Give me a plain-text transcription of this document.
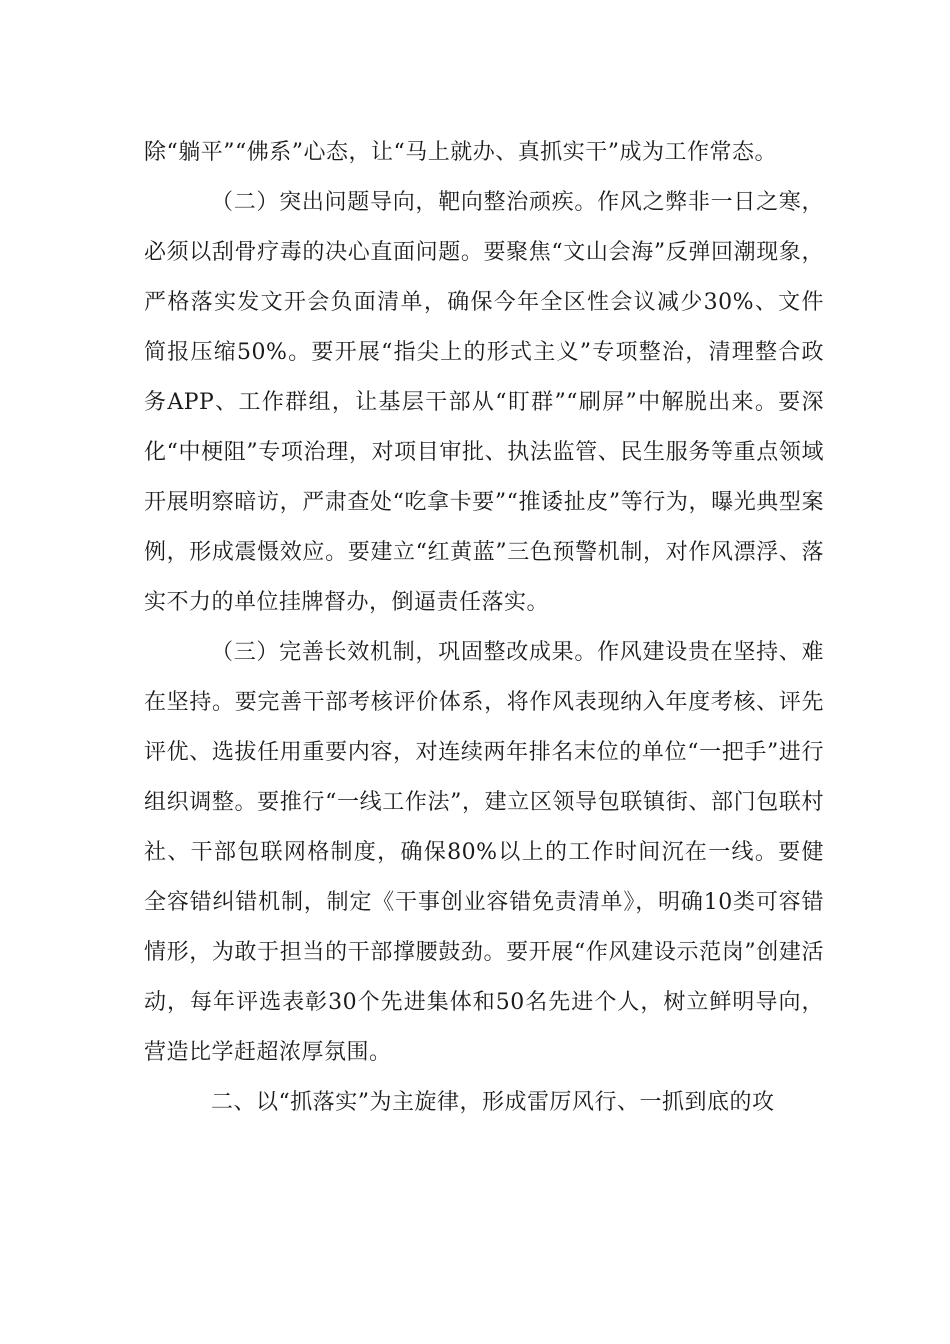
除“躺平”“佛系”心态，让“马上就办、真抓实干”成为工作常态。

（二）突出问题导向，靶向整治顽疾。作风之弊非一日之寒，必须以刮骨疗毒的决心直面问题。要聚焦“文山会海”反弹回潮现象，严格落实发文开会负面清单，确保今年全区性会议减少30%、文件简报压缩50%。要开展“指尖上的形式主义”专项整治，清理整合政务APP、工作群组，让基层干部从“盯群”“刷屏”中解脱出来。要深化“中梗阻”专项治理，对项目审批、执法监管、民生服务等重点领域开展明察暗访，严肃查处“吃拿卡要”“推诿扯皮”等行为，曝光典型案例，形成震慑效应。要建立“红黄蓝”三色预警机制，对作风漂浮、落实不力的单位挂牌督办，倒逼责任落实。

（三）完善长效机制，巩固整改成果。作风建设贵在坚持、难在坚持。要完善干部考核评价体系，将作风表现纳入年度考核、评先评优、选拔任用重要内容，对连续两年排名末位的单位“一把手”进行组织调整。要推行“一线工作法”，建立区领导包联镇街、部门包联村社、干部包联网格制度，确保80%以上的工作时间沉在一线。要健全容错纠错机制，制定《干事创业容错免责清单》，明确10类可容错情形，为敢于担当的干部撑腰鼓劲。要开展“作风建设示范岗”创建活动，每年评选表彰30个先进集体和50名先进个人，树立鲜明导向，营造比学赶超浓厚氛围。

二、以“抓落实”为主旋律，形成雷厉风行、一抓到底的攻
